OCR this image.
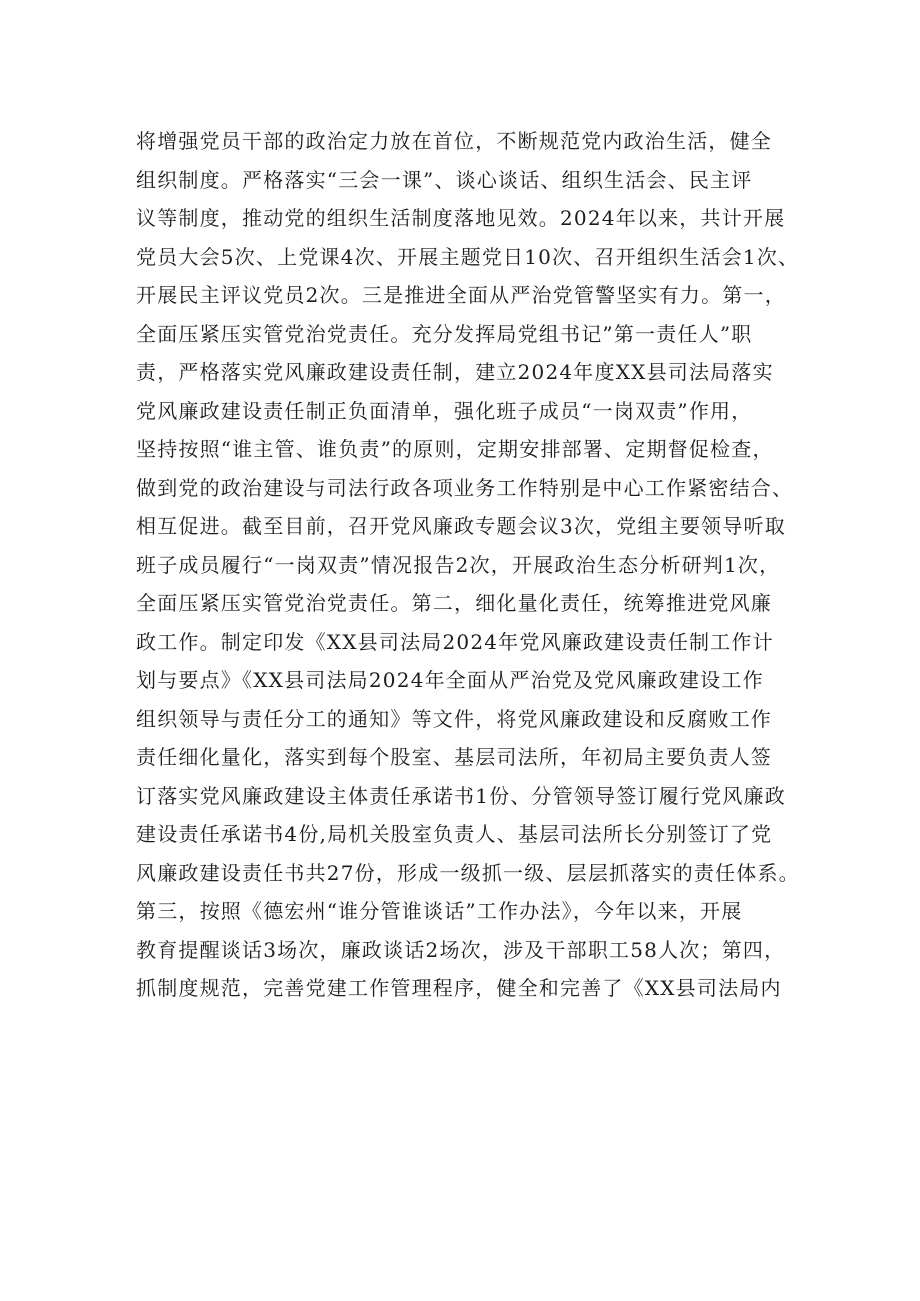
将增强党员干部的政治定力放在首位，不断规范党内政治生活，健全
组织制度。严格落实“三会一课”、谈心谈话、组织生活会、民主评
议等制度，推动党的组织生活制度落地见效。2024年以来，共计开展
党员大会5次、上党课4次、开展主题党日10次、召开组织生活会1次、
开展民主评议党员2次。三是推进全面从严治党管警坚实有力。第一，
全面压紧压实管党治党责任。充分发挥局党组书记”第一责任人”职
责，严格落实党风廉政建设责任制，建立2024年度XX县司法局落实
党风廉政建设责任制正负面清单，强化班子成员“一岗双责”作用，
坚持按照“谁主管、谁负责”的原则，定期安排部署、定期督促检查，
做到党的政治建设与司法行政各项业务工作特别是中心工作紧密结合、
相互促进。截至目前，召开党风廉政专题会议3次，党组主要领导听取
班子成员履行“一岗双责”情况报告2次，开展政治生态分析研判1次，
全面压紧压实管党治党责任。第二，细化量化责任，统筹推进党风廉
政工作。制定印发《XX县司法局2024年党风廉政建设责任制工作计
划与要点》《XX县司法局2024年全面从严治党及党风廉政建设工作
组织领导与责任分工的通知》等文件，将党风廉政建设和反腐败工作
责任细化量化，落实到每个股室、基层司法所，年初局主要负责人签
订落实党风廉政建设主体责任承诺书1份、分管领导签订履行党风廉政
建设责任承诺书4份,局机关股室负责人、基层司法所长分别签订了党
风廉政建设责任书共27份，形成一级抓一级、层层抓落实的责任体系。
第三，按照《德宏州“谁分管谁谈话”工作办法》，今年以来，开展
教育提醒谈话3场次，廉政谈话2场次，涉及干部职工58人次；第四，
抓制度规范，完善党建工作管理程序，健全和完善了《XX县司法局内
